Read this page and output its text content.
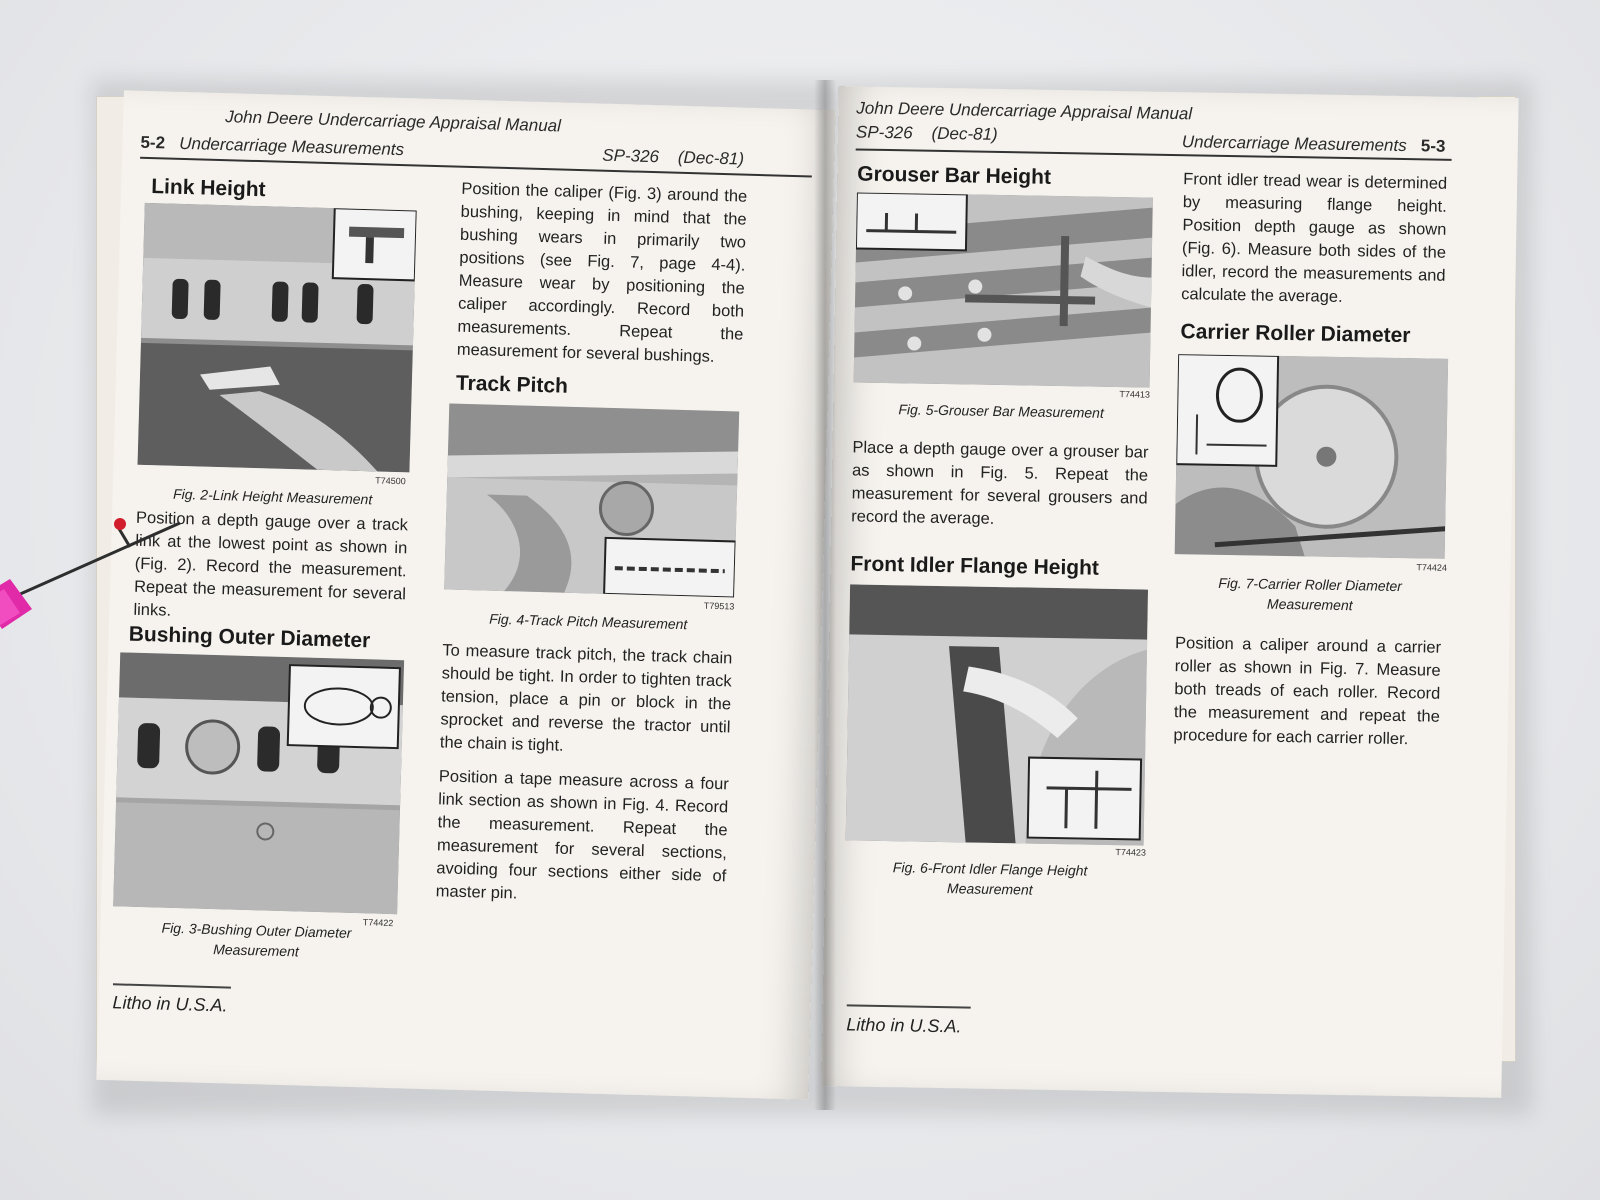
John Deere Undercarriage Appraisal Manual
5-2 Undercarriage Measurements	SP-326 (Dec-81)
Link Height
T74500
Fig. 2-Link Height Measurement
Position a depth gauge over a track link at the lowest point as shown in (Fig. 2). Record the measurement. Repeat the measurement for several links.
Bushing Outer Diameter
T74422
Fig. 3-Bushing Outer Diameter Measurement
Position the caliper (Fig. 3) around the bushing, keeping in mind that the bushing wears in primarily two positions (see Fig. 7, page 4-4). Measure wear by positioning the caliper accordingly. Record both measurements. Repeat the measurement for several bushings.
Track Pitch
T79513
Fig. 4-Track Pitch Measurement
To measure track pitch, the track chain should be tight. In order to tighten track tension, place a pin or block in the sprocket and reverse the tractor until the chain is tight.
Position a tape measure across a four link section as shown in Fig. 4. Record the measurement. Repeat the measurement for several sections, avoiding four sections either side of master pin.
Litho in U.S.A.
John Deere Undercarriage Appraisal Manual
SP-326 (Dec-81)	Undercarriage Measurements 5-3
Grouser Bar Height
T74413
Fig. 5-Grouser Bar Measurement
Place a depth gauge over a grouser bar as shown in Fig. 5. Repeat the measurement for several grousers and record the average.
Front Idler Flange Height
T74423
Fig. 6-Front Idler Flange Height Measurement
Front idler tread wear is determined by measuring flange height. Position depth gauge as shown (Fig. 6). Measure both sides of the idler, record the measurements and calculate the average.
Carrier Roller Diameter
T74424
Fig. 7-Carrier Roller Diameter Measurement
Position a caliper around a carrier roller as shown in Fig. 7. Measure both treads of each roller. Record the measurement and repeat the procedure for each carrier roller.
Litho in U.S.A.
